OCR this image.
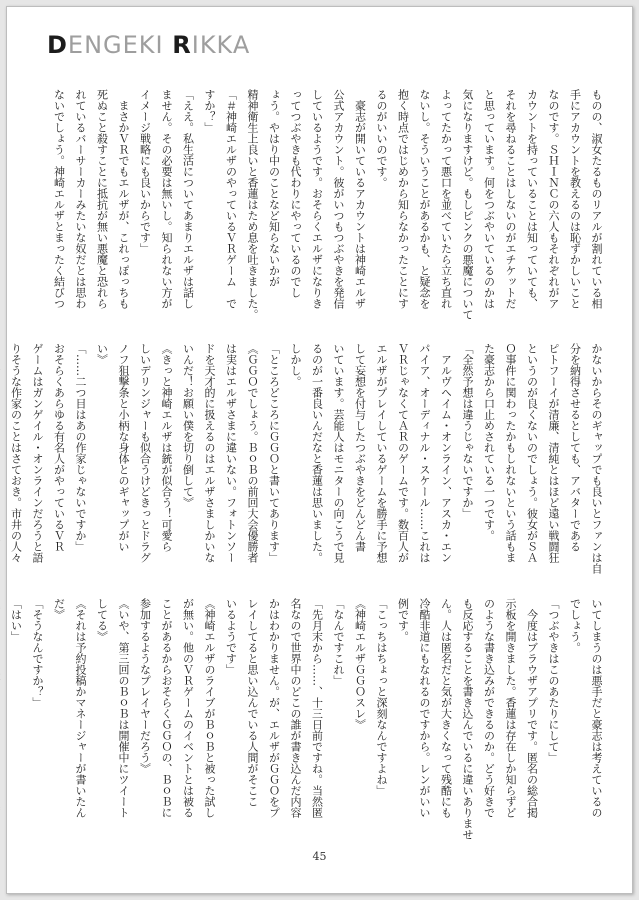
DENGEKI RIKKA
ものの、淑女たるものリアルが割れている相
手にアカウントを教えるのは恥ずかしいこと
なのです。ＳＨＩＮＣの六人もそれぞれがア
カウントを持っていることは知っていても、
それを尋ねることはしないのがエチケットだ
と思っています。何をつぶやいているのかは
気になりますけど。もしピンクの悪魔について
よってたかって悪口を並べていたら立ち直れ
ないし。そういうことがあるかも、と疑念を
抱く時点ではじめから知らなかったことにす
るのがいいのです。
　豪志が開いているアカウントは神崎エルザ
公式アカウント。彼がいつもつぶやきを発信
しているようです。おそらくエルザになりき
ってつぶやきも代わりにやっているのでし
ょう。やはり中のことなど知らないかが
精神衛生上良いと香蓮はため息を吐きました。
「＃神崎エルザのやっているＶＲゲーム　で
すか？」
「ええ。私生活についてあまりエルザは話し
ません。その必要は無いし。知られない方が
イメージ戦略にも良いからです」
　まさかＶＲでもエルザが、これっぽっちも
死ぬこと殺すことに抵抗が無い悪魔と恐れら
れているバーサーカーみたいな奴だとは思わ
ないでしょう。神崎エルザとまったく結びつ
かないからそのギャップでも良いとファンは自
分を納得させるとしても、アバターである
ピトフーイが清廉、清純とはほど遠い戦闘狂
というのが良くないのでしょう。彼女がＳＡ
Ｏ事件に関わったかもしれないという話もま
た豪志から口止めされている一つです。
「全然予想は違うじゃないですか」
　アルヴヘイム・オンライン、アスカ・エン
パイア、オーディナル・スケール……これは
ＶＲじゃなくてＡＲのゲームです。数百人が
エルザがプレイしているゲームを勝手に予想
して妄想を付与したつぶやきをどんどん書
いています。芸能人はモニターの向こうで見
るのが一番良いんだなと香蓮は思いました。
しかし。
「ところどころにＧＧＯと書いてあります」
《ＧＧＯでしょう。ＢｏＢの前回大会優勝者
は実はエルザさまに違いない。フォトンソー
ドを天才的に扱えるのはエルザさましかいな
いんだ！お願い僕を切り倒して》
《きっと神崎エルザは銃が似合う！可愛ら
しいデリンジャーも似合うけどきっとドラグ
ノフ狙撃条と小柄な身体とのギャップがい
い》
「……二つ目はあの作家じゃないですか」
おそらくあらゆる有名人がやっているＶＲ
ゲームはガンゲイル・オンラインだろうと語
りそうな作家のことはさておき。市井の人々
いてしまうのは悪手だと豪志は考えているの
でしょう。
「つぶやきはこのあたりにして」
　今度はブラウザアプリです。匿名の総合掲
示板を開きました。香蓮は存在しか知らずど
のような書き込みができるのか。どう好きで
も反応することを書き込んでいるに違いありませ
ん。人は匿名だと気が大きくなって残酷にも
冷酷非道にもなれるのですから。レンがいい
例です。
「こっちはちょっと深刻なんですよね」
《神崎エルザＧＧＯスレ》
「なんですこれ」
「先月末から……、十三日前ですね。当然匿
名なので世界中のどこの誰が書き込んだ内容
かはわかりません。が、エルザがＧＧＯをプ
レイしてると思い込んでいる人間がそここ
いるようです」
《神崎エルザのライブがＢｏＢと被った試し
が無い。他のＶＲゲームのイベントとは被る
ことがあるからおそらくＧＧＯの、ＢｏＢに
参加するようなプレイヤーだろう》
《いや、第三回のＢｏＢは開催中にツイート
してる》
《それは予約投稿かマネージャーが書いたん
だ》
「そうなんですか？」
「はい」
45
